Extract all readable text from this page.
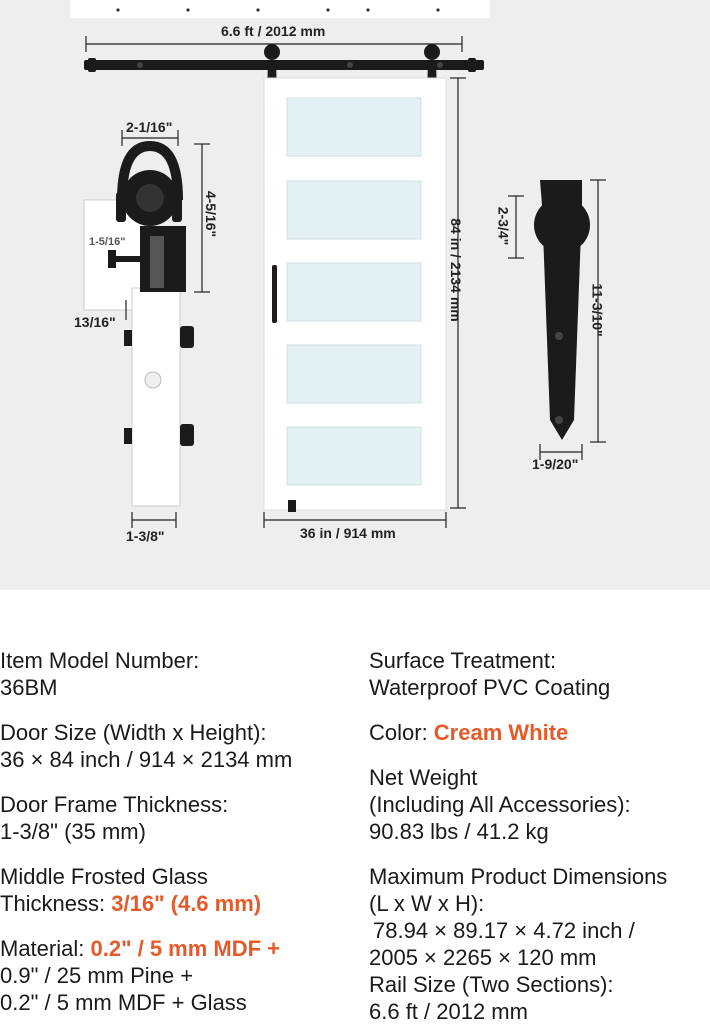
6.6 ft / 2012 mm
84 in / 2134 mm
36 in / 914 mm
2-1/16"
4-5/16"
1-5/16"
13/16"
1-3/8"
2-3/4"
11-3/10"
1-9/20"
Item Model Number:
36BM
Door Size (Width x Height):
36 × 84 inch / 914 × 2134 mm
Door Frame Thickness:
1-3/8" (35 mm)
Middle Frosted Glass
Thickness: 3/16" (4.6 mm)
Material: 0.2" / 5 mm MDF +
0.9" / 25 mm Pine +
0.2" / 5 mm MDF + Glass
Surface Treatment:
Waterproof PVC Coating
Color: Cream White
Net Weight
(Including All Accessories):
90.83 lbs / 41.2 kg
Maximum Product Dimensions
(L x W x H):
78.94 × 89.17 × 4.72 inch /
2005 × 2265 × 120 mm
Rail Size (Two Sections):
6.6 ft / 2012 mm
